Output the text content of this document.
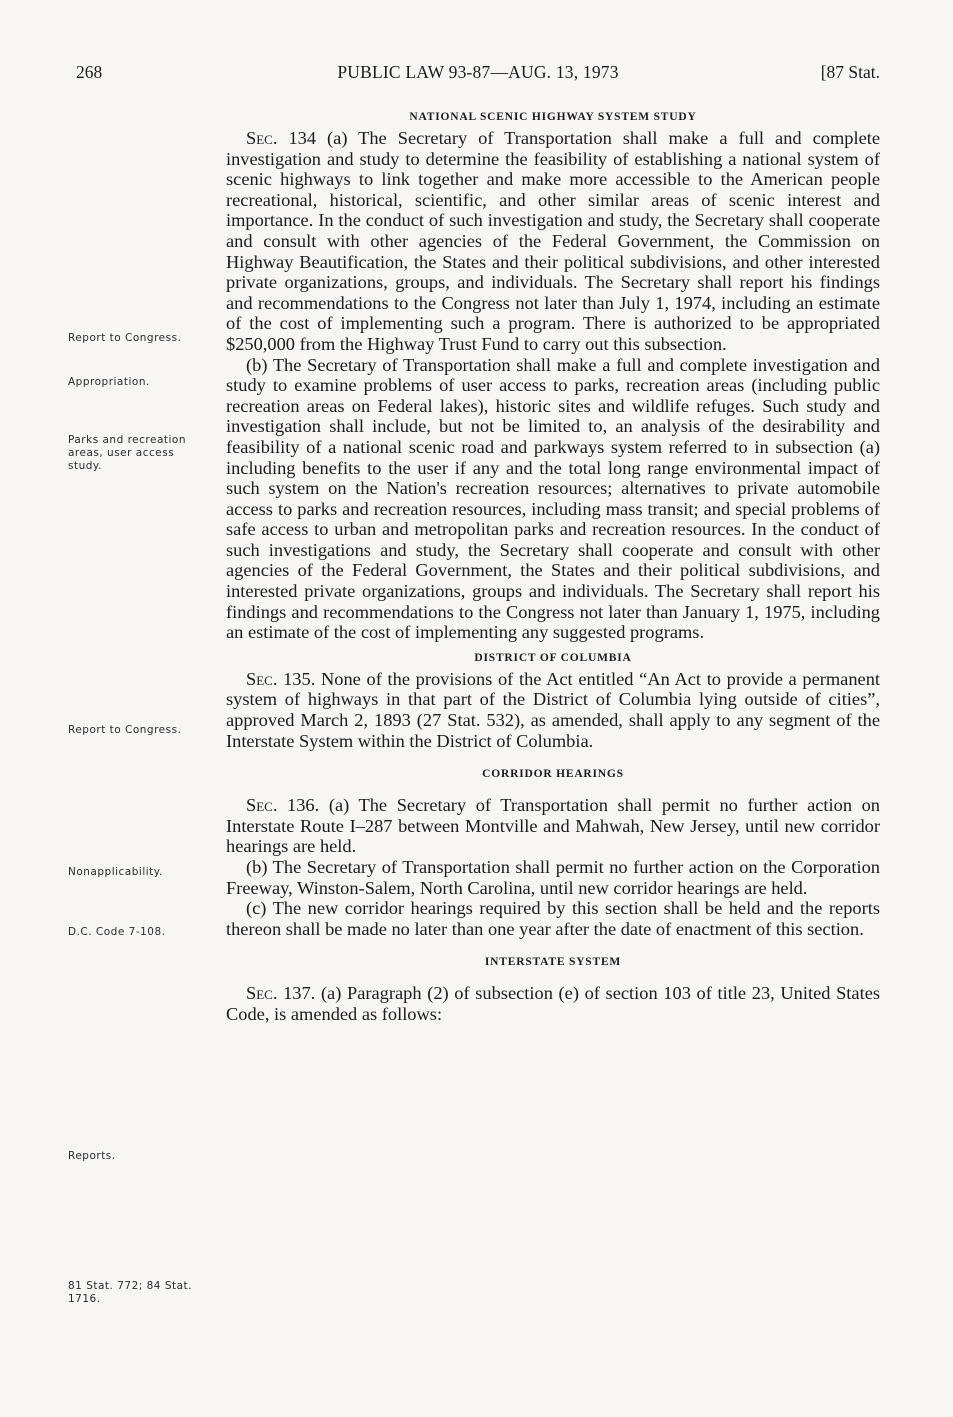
268	PUBLIC LAW 93-87—AUG. 13, 1973	[87 Stat.
Report to Congress.
Appropriation.
Parks and recreation areas, user access study.
Report to Congress.
Nonapplicability.
D.C. Code 7-108.
Reports.
81 Stat. 772; 84 Stat. 1716.
NATIONAL SCENIC HIGHWAY SYSTEM STUDY

Sec. 134 (a) The Secretary of Transportation shall make a full and complete investigation and study to determine the feasibility of establishing a national system of scenic highways to link together and make more accessible to the American people recreational, historical, scientific, and other similar areas of scenic interest and importance. In the conduct of such investigation and study, the Secretary shall cooperate and consult with other agencies of the Federal Government, the Commission on Highway Beautification, the States and their political subdivisions, and other interested private organizations, groups, and individuals. The Secretary shall report his findings and recommendations to the Congress not later than July 1, 1974, including an estimate of the cost of implementing such a program. There is authorized to be appropriated $250,000 from the Highway Trust Fund to carry out this subsection.

(b) The Secretary of Transportation shall make a full and complete investigation and study to examine problems of user access to parks, recreation areas (including public recreation areas on Federal lakes), historic sites and wildlife refuges. Such study and investigation shall include, but not be limited to, an analysis of the desirability and feasibility of a national scenic road and parkways system referred to in subsection (a) including benefits to the user if any and the total long range environmental impact of such system on the Nation's recreation resources; alternatives to private automobile access to parks and recreation resources, including mass transit; and special problems of safe access to urban and metropolitan parks and recreation resources. In the conduct of such investigations and study, the Secretary shall cooperate and consult with other agencies of the Federal Government, the States and their political subdivisions, and interested private organizations, groups and individuals. The Secretary shall report his findings and recommendations to the Congress not later than January 1, 1975, including an estimate of the cost of implementing any suggested programs.

DISTRICT OF COLUMBIA

Sec. 135. None of the provisions of the Act entitled “An Act to provide a permanent system of highways in that part of the District of Columbia lying outside of cities”, approved March 2, 1893 (27 Stat. 532), as amended, shall apply to any segment of the Interstate System within the District of Columbia.

CORRIDOR HEARINGS

Sec. 136. (a) The Secretary of Transportation shall permit no further action on Interstate Route I–287 between Montville and Mahwah, New Jersey, until new corridor hearings are held.

(b) The Secretary of Transportation shall permit no further action on the Corporation Freeway, Winston-Salem, North Carolina, until new corridor hearings are held.

(c) The new corridor hearings required by this section shall be held and the reports thereon shall be made no later than one year after the date of enactment of this section.

INTERSTATE SYSTEM

Sec. 137. (a) Paragraph (2) of subsection (e) of section 103 of title 23, United States Code, is amended as follows:
